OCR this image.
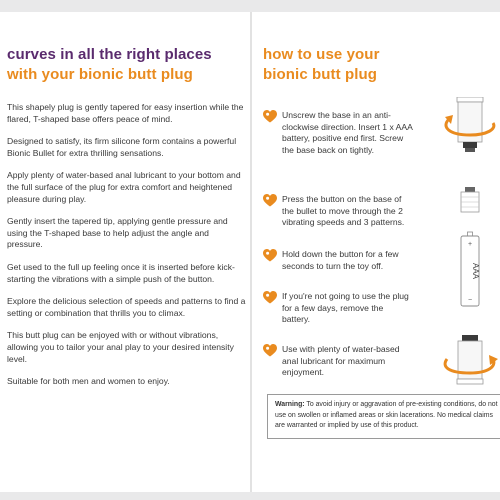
curves in all the right places
with your bionic butt plug

This shapely plug is gently tapered for easy insertion while the flared, T-shaped base offers peace of mind.

Designed to satisfy, its firm silicone form contains a powerful Bionic Bullet for extra thrilling sensations.

Apply plenty of water-based anal lubricant to your bottom and the full surface of the plug for extra comfort and heightened pleasure during play.

Gently insert the tapered tip, applying gentle pressure and using the T-shaped base to help adjust the angle and pressure.

Get used to the full up feeling once it is inserted before kick-starting the vibrations with a simple push of the button.

Explore the delicious selection of speeds and patterns to find a setting or combination that thrills you to climax.

This butt plug can be enjoyed with or without vibrations, allowing you to tailor your anal play to your desired intensity level.

Suitable for both men and women to enjoy.

how to use your
bionic butt plug
Unscrew the base in an anti-clockwise direction. Insert 1 x AAA battery, positive end first. Screw the base back on tightly.
Press the button on the base of the bullet to move through the 2 vibrating speeds and 3 patterns.
Hold down the button for a few seconds to turn the toy off.
If you're not going to use the plug for a few days, remove the battery.
Use with plenty of water-based anal lubricant for maximum enjoyment.
+
−
AAA
Warning: To avoid injury or aggravation of pre-existing conditions, do not use on swollen or inflamed areas or skin lacerations. No medical claims are warranted or implied by use of this product.
